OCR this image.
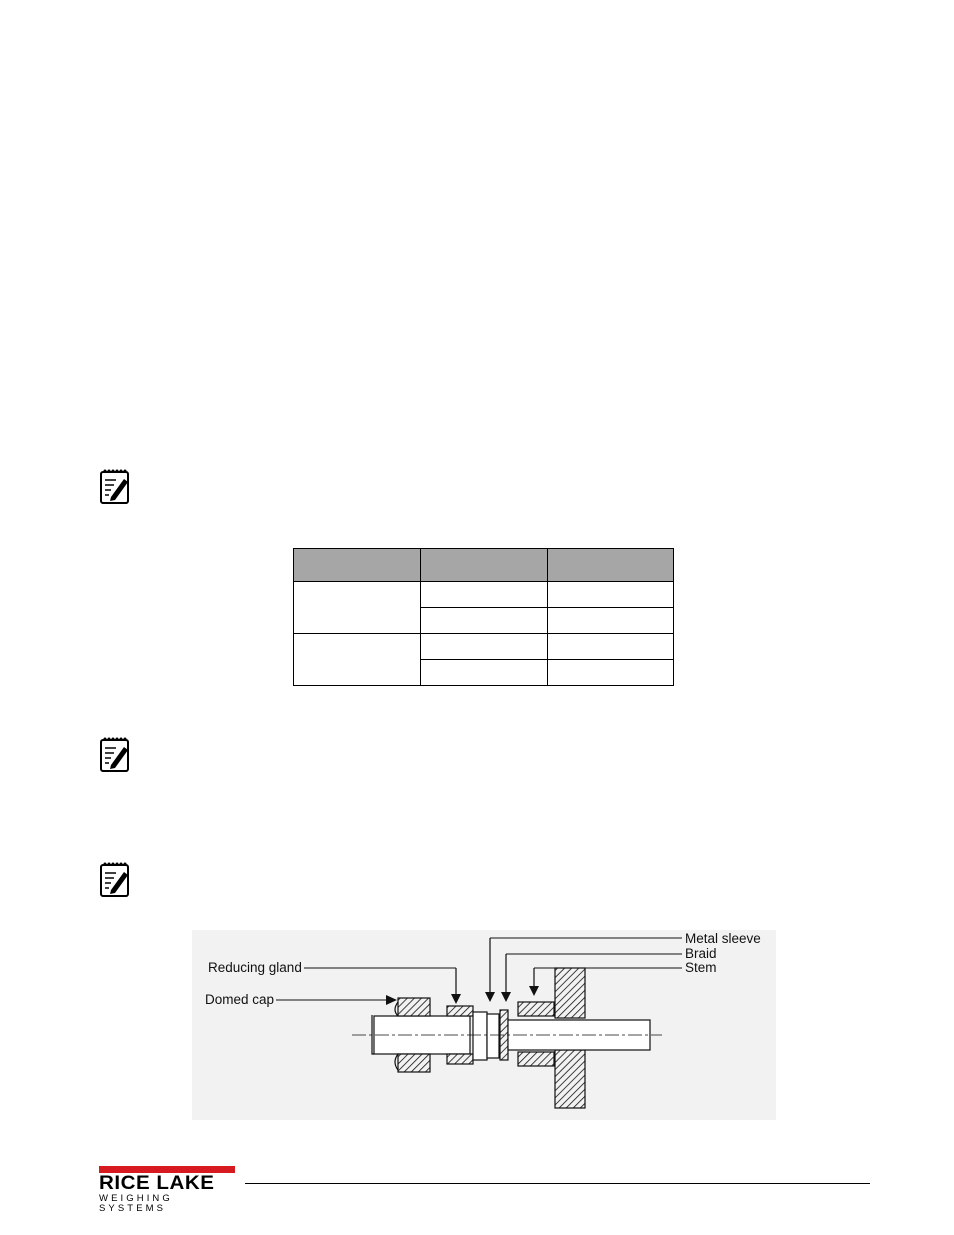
Metal sleeve
Braid
Stem
Reducing gland
Domed cap
RICE LAKE
WEIGHING SYSTEMS
